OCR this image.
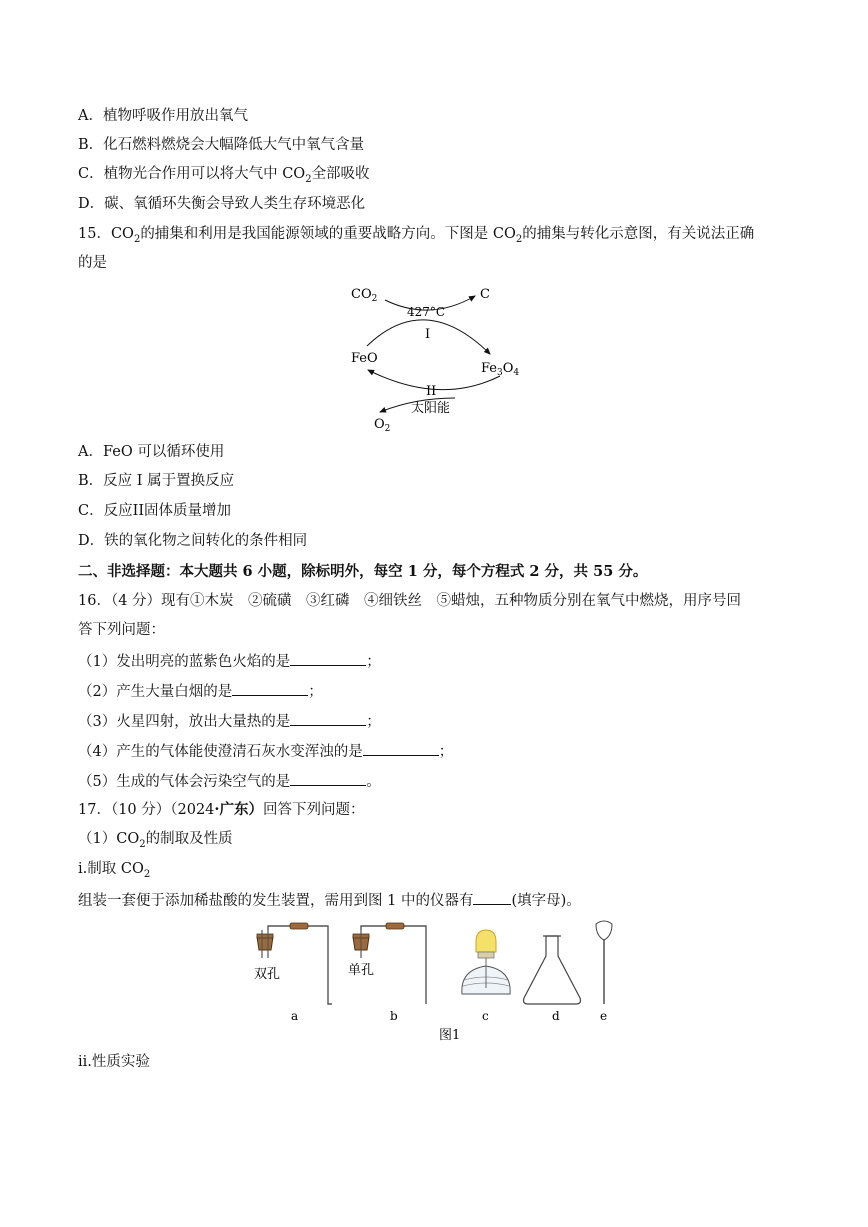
A．植物呼吸作用放出氧气
B．化石燃料燃烧会大幅降低大气中氧气含量
C．植物光合作用可以将大气中 $CO_2$全部吸收
D．碳、氧循环失衡会导致人类生存环境恶化
15．$CO_2$的捕集和利用是我国能源领域的重要战略方向。下图是 $CO_2$的捕集与转化示意图，有关说法正确
的是
$CO_2$	C
427°C
I
FeO
$Fe_3O_4$
II
太阳能
$O_2$
A．FeO 可以循环使用
B．反应 I 属于置换反应
C．反应II固体质量增加
D．铁的氧化物之间转化的条件相同
二、非选择题：本大题共 6 小题，除标明外，每空 1 分，每个方程式 2 分，共 55 分。
16．（4 分）现有①木炭　②硫磺　③红磷　④细铁丝　⑤蜡烛，五种物质分别在氧气中燃烧，用序号回
答下列问题：
（1）发出明亮的蓝紫色火焰的是	；
（2）产生大量白烟的是	；
（3）火星四射，放出大量热的是	；
（4）产生的气体能使澄清石灰水变浑浊的是	；
（5）生成的气体会污染空气的是	。
17．（10 分）（2024·广东）回答下列问题：
$(1)CO_2$的制取及性质
i.制取 $CO_2$
组装一套便于添加稀盐酸的发生装置，需用到图 1 中的仪器有	(填字母)。
双孔
a
单孔
b	c	d	e
图1
ii.性质实验
